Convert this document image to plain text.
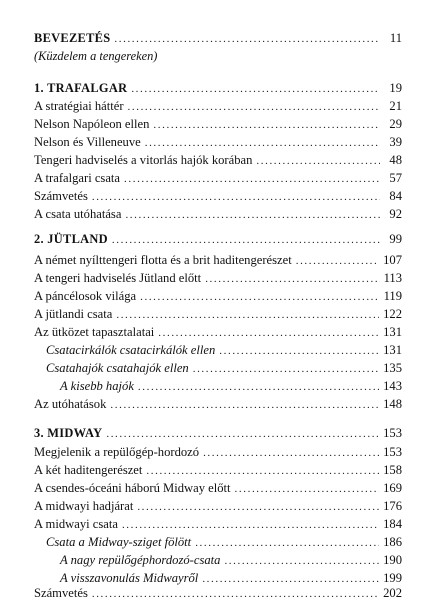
BEVEZETÉS .....	11
(Küzdelem a tengereken)
1. TRAFALGAR .....	19
A stratégiai háttér .....	21
Nelson Napóleon ellen .....	29
Nelson és Villeneuve .....	39
Tengeri hadviselés a vitorlás hajók korában .....	48
A trafalgari csata .....	57
Számvetés .....	84
A csata utóhatása .....	92
2. JÜTLAND .....	99
A német nyílttengeri flotta és a brit haditengerészet .....	107
A tengeri hadviselés Jütland előtt .....	113
A páncélosok világa .....	119
A jütlandi csata .....	122
Az ütközet tapasztalatai .....	131
Csatacirkálók csatacirkálók ellen .....	131
Csatahajók csatahajók ellen .....	135
A kisebb hajók .....	143
Az utóhatások .....	148
3. MIDWAY .....	153
Megjelenik a repülőgép-hordozó .....	153
A két haditengerészet .....	158
A csendes-óceáni háború Midway előtt .....	169
A midwayi hadjárat .....	176
A midwayi csata .....	184
Csata a Midway-sziget fölött .....	186
A nagy repülőgéphordozó-csata .....	190
A visszavonulás Midwayről .....	199
Számvetés .....	202
